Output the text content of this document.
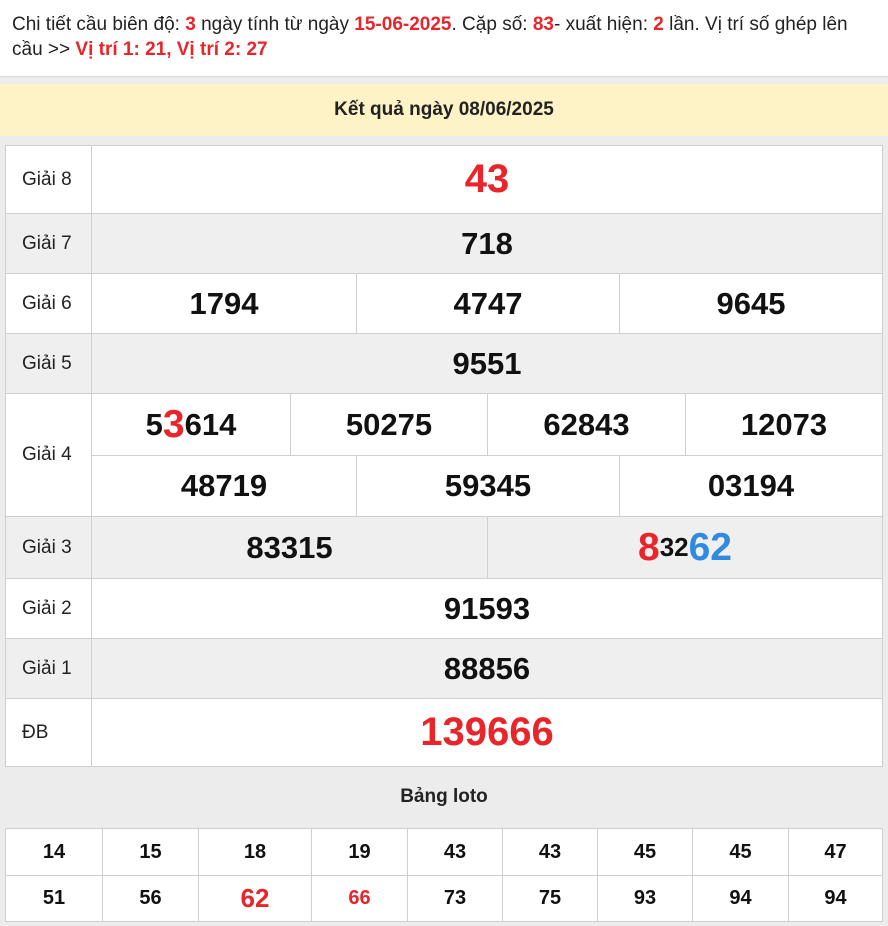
Chi tiết cầu biên độ: 3 ngày tính từ ngày 15-06-2025. Cặp số: 83- xuất hiện: 2 lần. Vị trí số ghép lên cầu >> Vị trí 1: 21, Vị trí 2: 27
Kết quả ngày 08/06/2025
Giải 8	43
Giải 7	718
Giải 6	1794	4747	9645
Giải 5	9551
Giải 4
5 3 614	50275	62843	12073
48719	59345	03194
Giải 3	83315	8 32 62
Giải 2	91593
Giải 1	88856
ĐB	139666
Bảng loto
14	15	18	19	43	43	45	45	47
51	56	62	66	73	75	93	94	94
